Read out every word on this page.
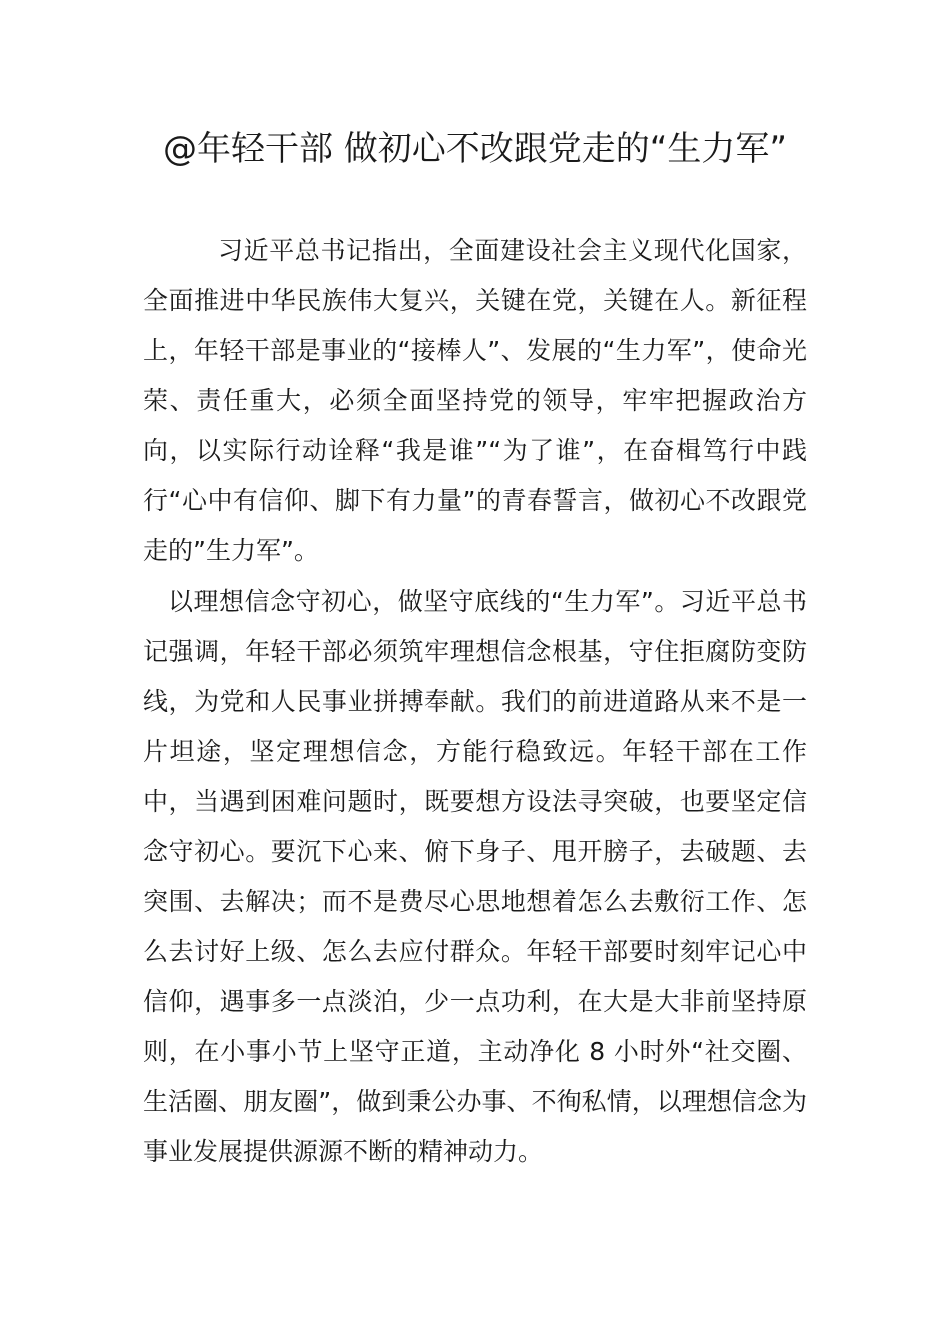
@年轻干部 做初心不改跟党走的“生力军”

习近平总书记指出，全面建设社会主义现代化国家，全面推进中华民族伟大复兴，关键在党，关键在人。新征程上，年轻干部是事业的“接棒人”、发展的“生力军”，使命光荣、责任重大，必须全面坚持党的领导，牢牢把握政治方向，以实际行动诠释“我是谁”“为了谁”，在奋楫笃行中践行“心中有信仰、脚下有力量”的青春誓言，做初心不改跟党走的”生力军”。

以理想信念守初心，做坚守底线的“生力军”。习近平总书记强调，年轻干部必须筑牢理想信念根基，守住拒腐防变防线，为党和人民事业拼搏奉献。我们的前进道路从来不是一片坦途，坚定理想信念，方能行稳致远。年轻干部在工作中，当遇到困难问题时，既要想方设法寻突破，也要坚定信念守初心。要沉下心来、俯下身子、甩开膀子，去破题、去突围、去解决；而不是费尽心思地想着怎么去敷衍工作、怎么去讨好上级、怎么去应付群众。年轻干部要时刻牢记心中信仰，遇事多一点淡泊，少一点功利，在大是大非前坚持原则，在小事小节上坚守正道，主动净化 8 小时外“社交圈、生活圈、朋友圈”，做到秉公办事、不徇私情，以理想信念为事业发展提供源源不断的精神动力。
